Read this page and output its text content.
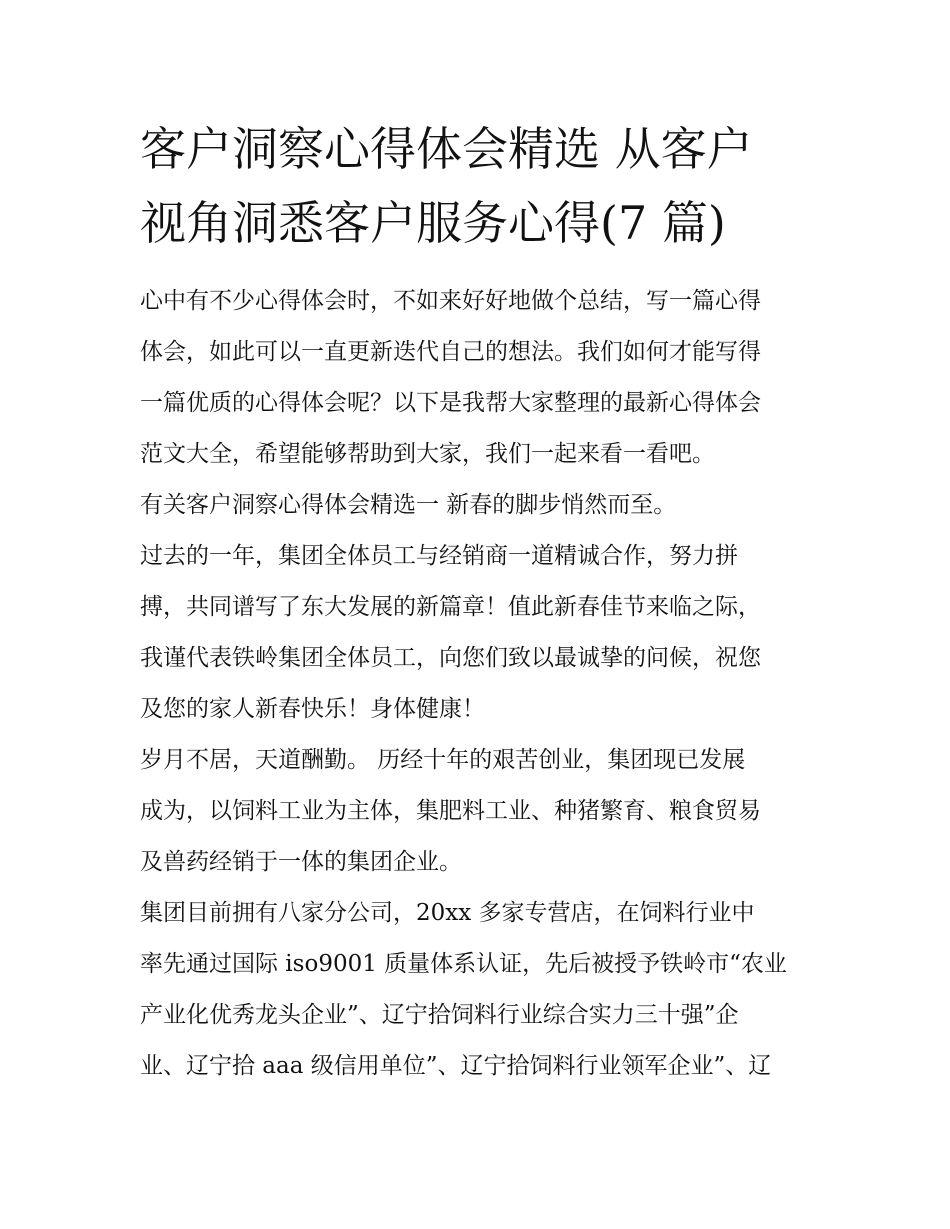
客户洞察心得体会精选 从客户
视角洞悉客户服务心得(7 篇)
心中有不少心得体会时，不如来好好地做个总结，写一篇心得
体会，如此可以一直更新迭代自己的想法。我们如何才能写得
一篇优质的心得体会呢？以下是我帮大家整理的最新心得体会
范文大全，希望能够帮助到大家，我们一起来看一看吧。
有关客户洞察心得体会精选一 新春的脚步悄然而至。
过去的一年，集团全体员工与经销商一道精诚合作，努力拼
搏，共同谱写了东大发展的新篇章！值此新春佳节来临之际，
我谨代表铁岭集团全体员工，向您们致以最诚挚的问候，祝您
及您的家人新春快乐！身体健康！
岁月不居，天道酬勤。 历经十年的艰苦创业，集团现已发展
成为，以饲料工业为主体，集肥料工业、种猪繁育、粮食贸易
及兽药经销于一体的集团企业。
集团目前拥有八家分公司，20xx 多家专营店，在饲料行业中
率先通过国际 iso9001 质量体系认证，先后被授予铁岭市“农业
产业化优秀龙头企业”、辽宁拾饲料行业综合实力三十强”企
业、辽宁拾 aaa 级信用单位”、辽宁拾饲料行业领军企业”、辽
